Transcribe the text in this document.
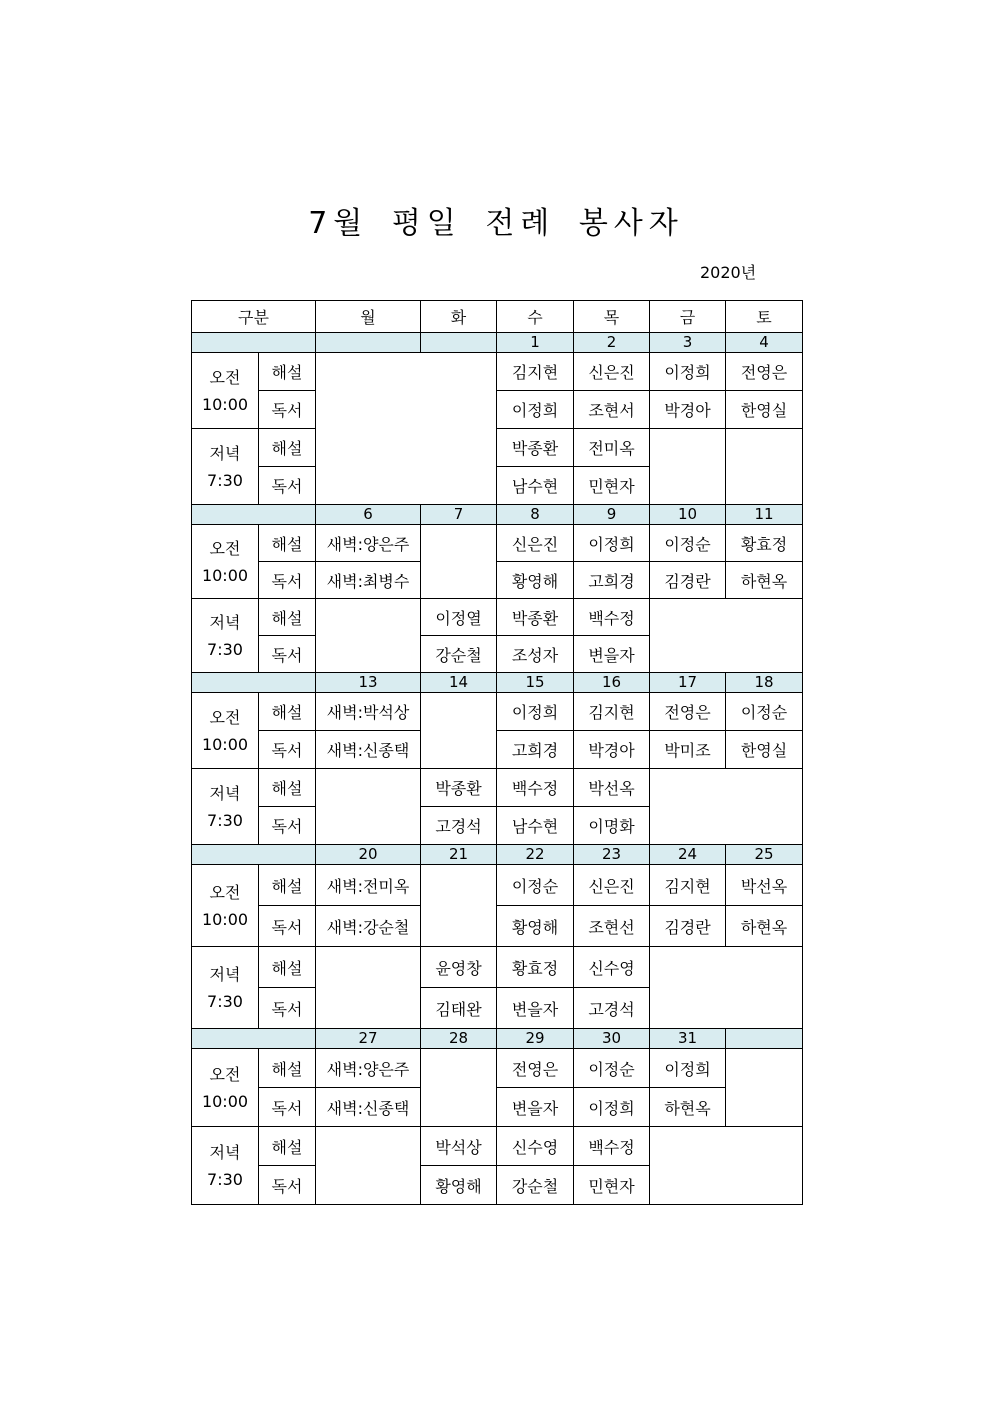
7월 평일 전례 봉사자
2020년
구분		월	화	수	목	금	토
				1	2	3	4

오전
10:00	해설			김지현	신은진	이정희	전영은
	독서			이정희	조현서	박경아	한영실

저녁
7:30	해설			박종환	전미옥		
	독서			남수현	민현자		
		6	7	8	9	10	11

오전
10:00	해설	새벽:양은주		신은진	이정희	이정순	황효정
	독서	새벽:최병수		황영해	고희경	김경란	하현옥

저녁
7:30	해설		이정열	박종환	백수정		
	독서		강순철	조성자	변을자		
		13	14	15	16	17	18

오전
10:00	해설	새벽:박석상		이정희	김지현	전영은	이정순
	독서	새벽:신종택		고희경	박경아	박미조	한영실

저녁
7:30	해설		박종환	백수정	박선옥		
	독서		고경석	남수현	이명화		
		20	21	22	23	24	25

오전
10:00	해설	새벽:전미옥		이정순	신은진	김지현	박선옥
	독서	새벽:강순철		황영해	조현선	김경란	하현옥

저녁
7:30	해설		윤영창	황효정	신수영		
	독서		김태완	변을자	고경석		
		27	28	29	30	31	

오전
10:00	해설	새벽:양은주		전영은	이정순	이정희	
	독서	새벽:신종택		변을자	이정희	하현옥	

저녁
7:30	해설		박석상	신수영	백수정		
	독서		황영해	강순철	민현자		
